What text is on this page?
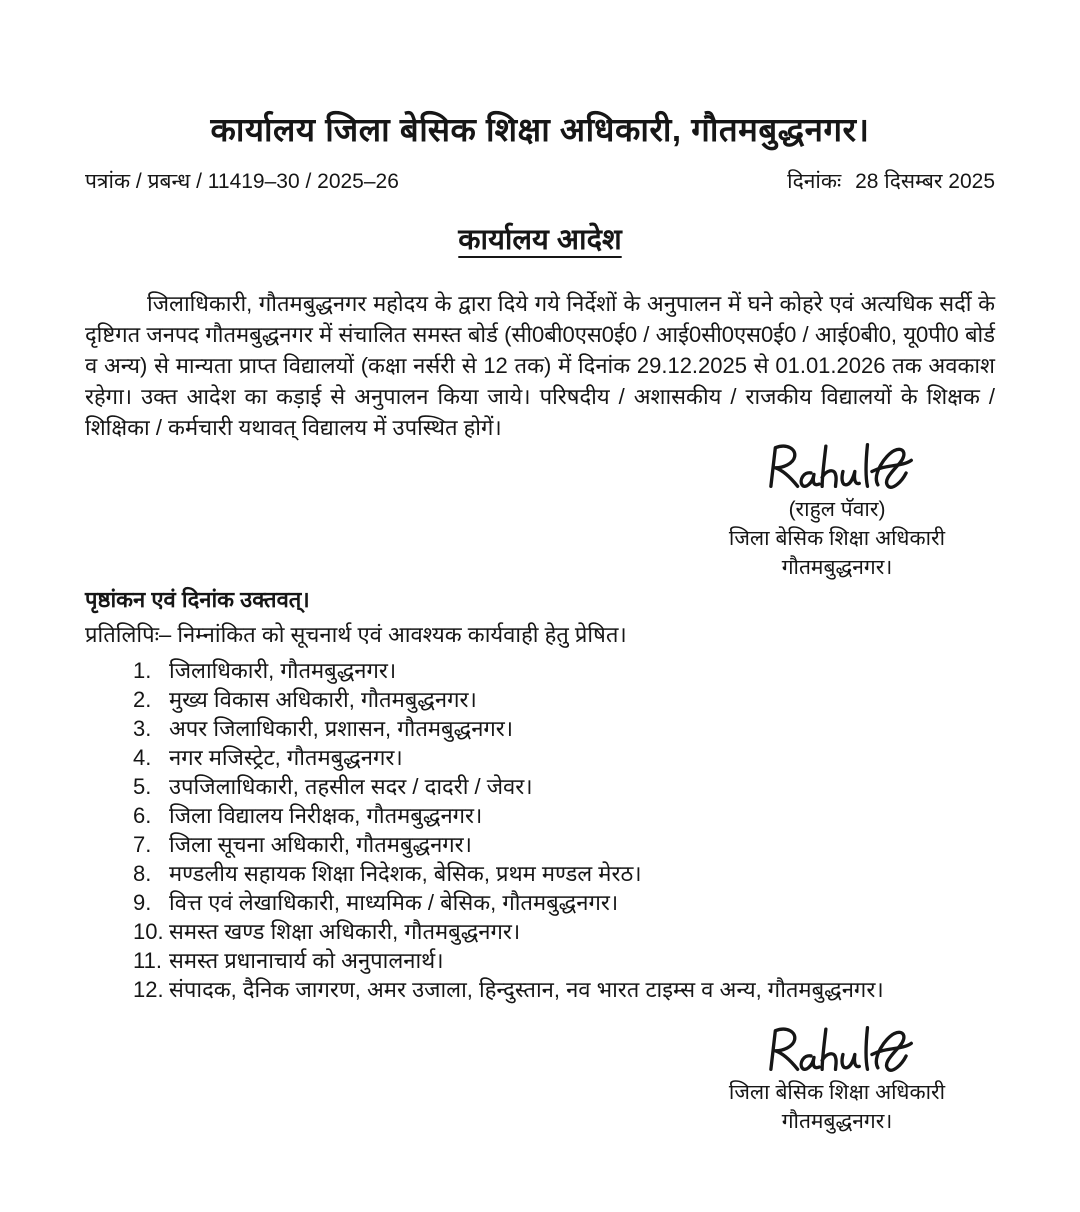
कार्यालय जिला बेसिक शिक्षा अधिकारी, गौतमबुद्धनगर।
पत्रांक / प्रबन्ध / 11419–30 / 2025–26	दिनांकः 28 दिसम्बर 2025
कार्यालय आदेश

जिलाधिकारी, गौतमबुद्धनगर महोदय के द्वारा दिये गये निर्देशों के अनुपालन में घने कोहरे एवं अत्यधिक सर्दी के दृष्टिगत जनपद गौतमबुद्धनगर में संचालित समस्त बोर्ड (सी0बी0एस0ई0 / आई0सी0एस0ई0 / आई0बी0, यू0पी0 बोर्ड व अन्य) से मान्यता प्राप्त विद्यालयों (कक्षा नर्सरी से 12 तक) में दिनांक 29.12.2025 से 01.01.2026 तक अवकाश रहेगा। उक्त आदेश का कड़ाई से अनुपालन किया जाये। परिषदीय / अशासकीय / राजकीय विद्यालयों के शिक्षक / शिक्षिका / कर्मचारी यथावत् विद्यालय में उपस्थित होगें।

(राहुल पॅवार)
जिला बेसिक शिक्षा अधिकारी
गौतमबुद्धनगर।
पृष्ठांकन एवं दिनांक उक्तवत्।
प्रतिलिपिः– निम्नांकित को सूचनार्थ एवं आवश्यक कार्यवाही हेतु प्रेषित।
1. जिलाधिकारी, गौतमबुद्धनगर।
2. मुख्य विकास अधिकारी, गौतमबुद्धनगर।
3. अपर जिलाधिकारी, प्रशासन, गौतमबुद्धनगर।
4. नगर मजिस्ट्रेट, गौतमबुद्धनगर।
5. उपजिलाधिकारी, तहसील सदर / दादरी / जेवर।
6. जिला विद्यालय निरीक्षक, गौतमबुद्धनगर।
7. जिला सूचना अधिकारी, गौतमबुद्धनगर।
8. मण्डलीय सहायक शिक्षा निदेशक, बेसिक, प्रथम मण्डल मेरठ।
9. वित्त एवं लेखाधिकारी, माध्यमिक / बेसिक, गौतमबुद्धनगर।
10. समस्त खण्ड शिक्षा अधिकारी, गौतमबुद्धनगर।
11. समस्त प्रधानाचार्य को अनुपालनार्थ।
12. संपादक, दैनिक जागरण, अमर उजाला, हिन्दुस्तान, नव भारत टाइम्स व अन्य, गौतमबुद्धनगर।
जिला बेसिक शिक्षा अधिकारी
गौतमबुद्धनगर।
